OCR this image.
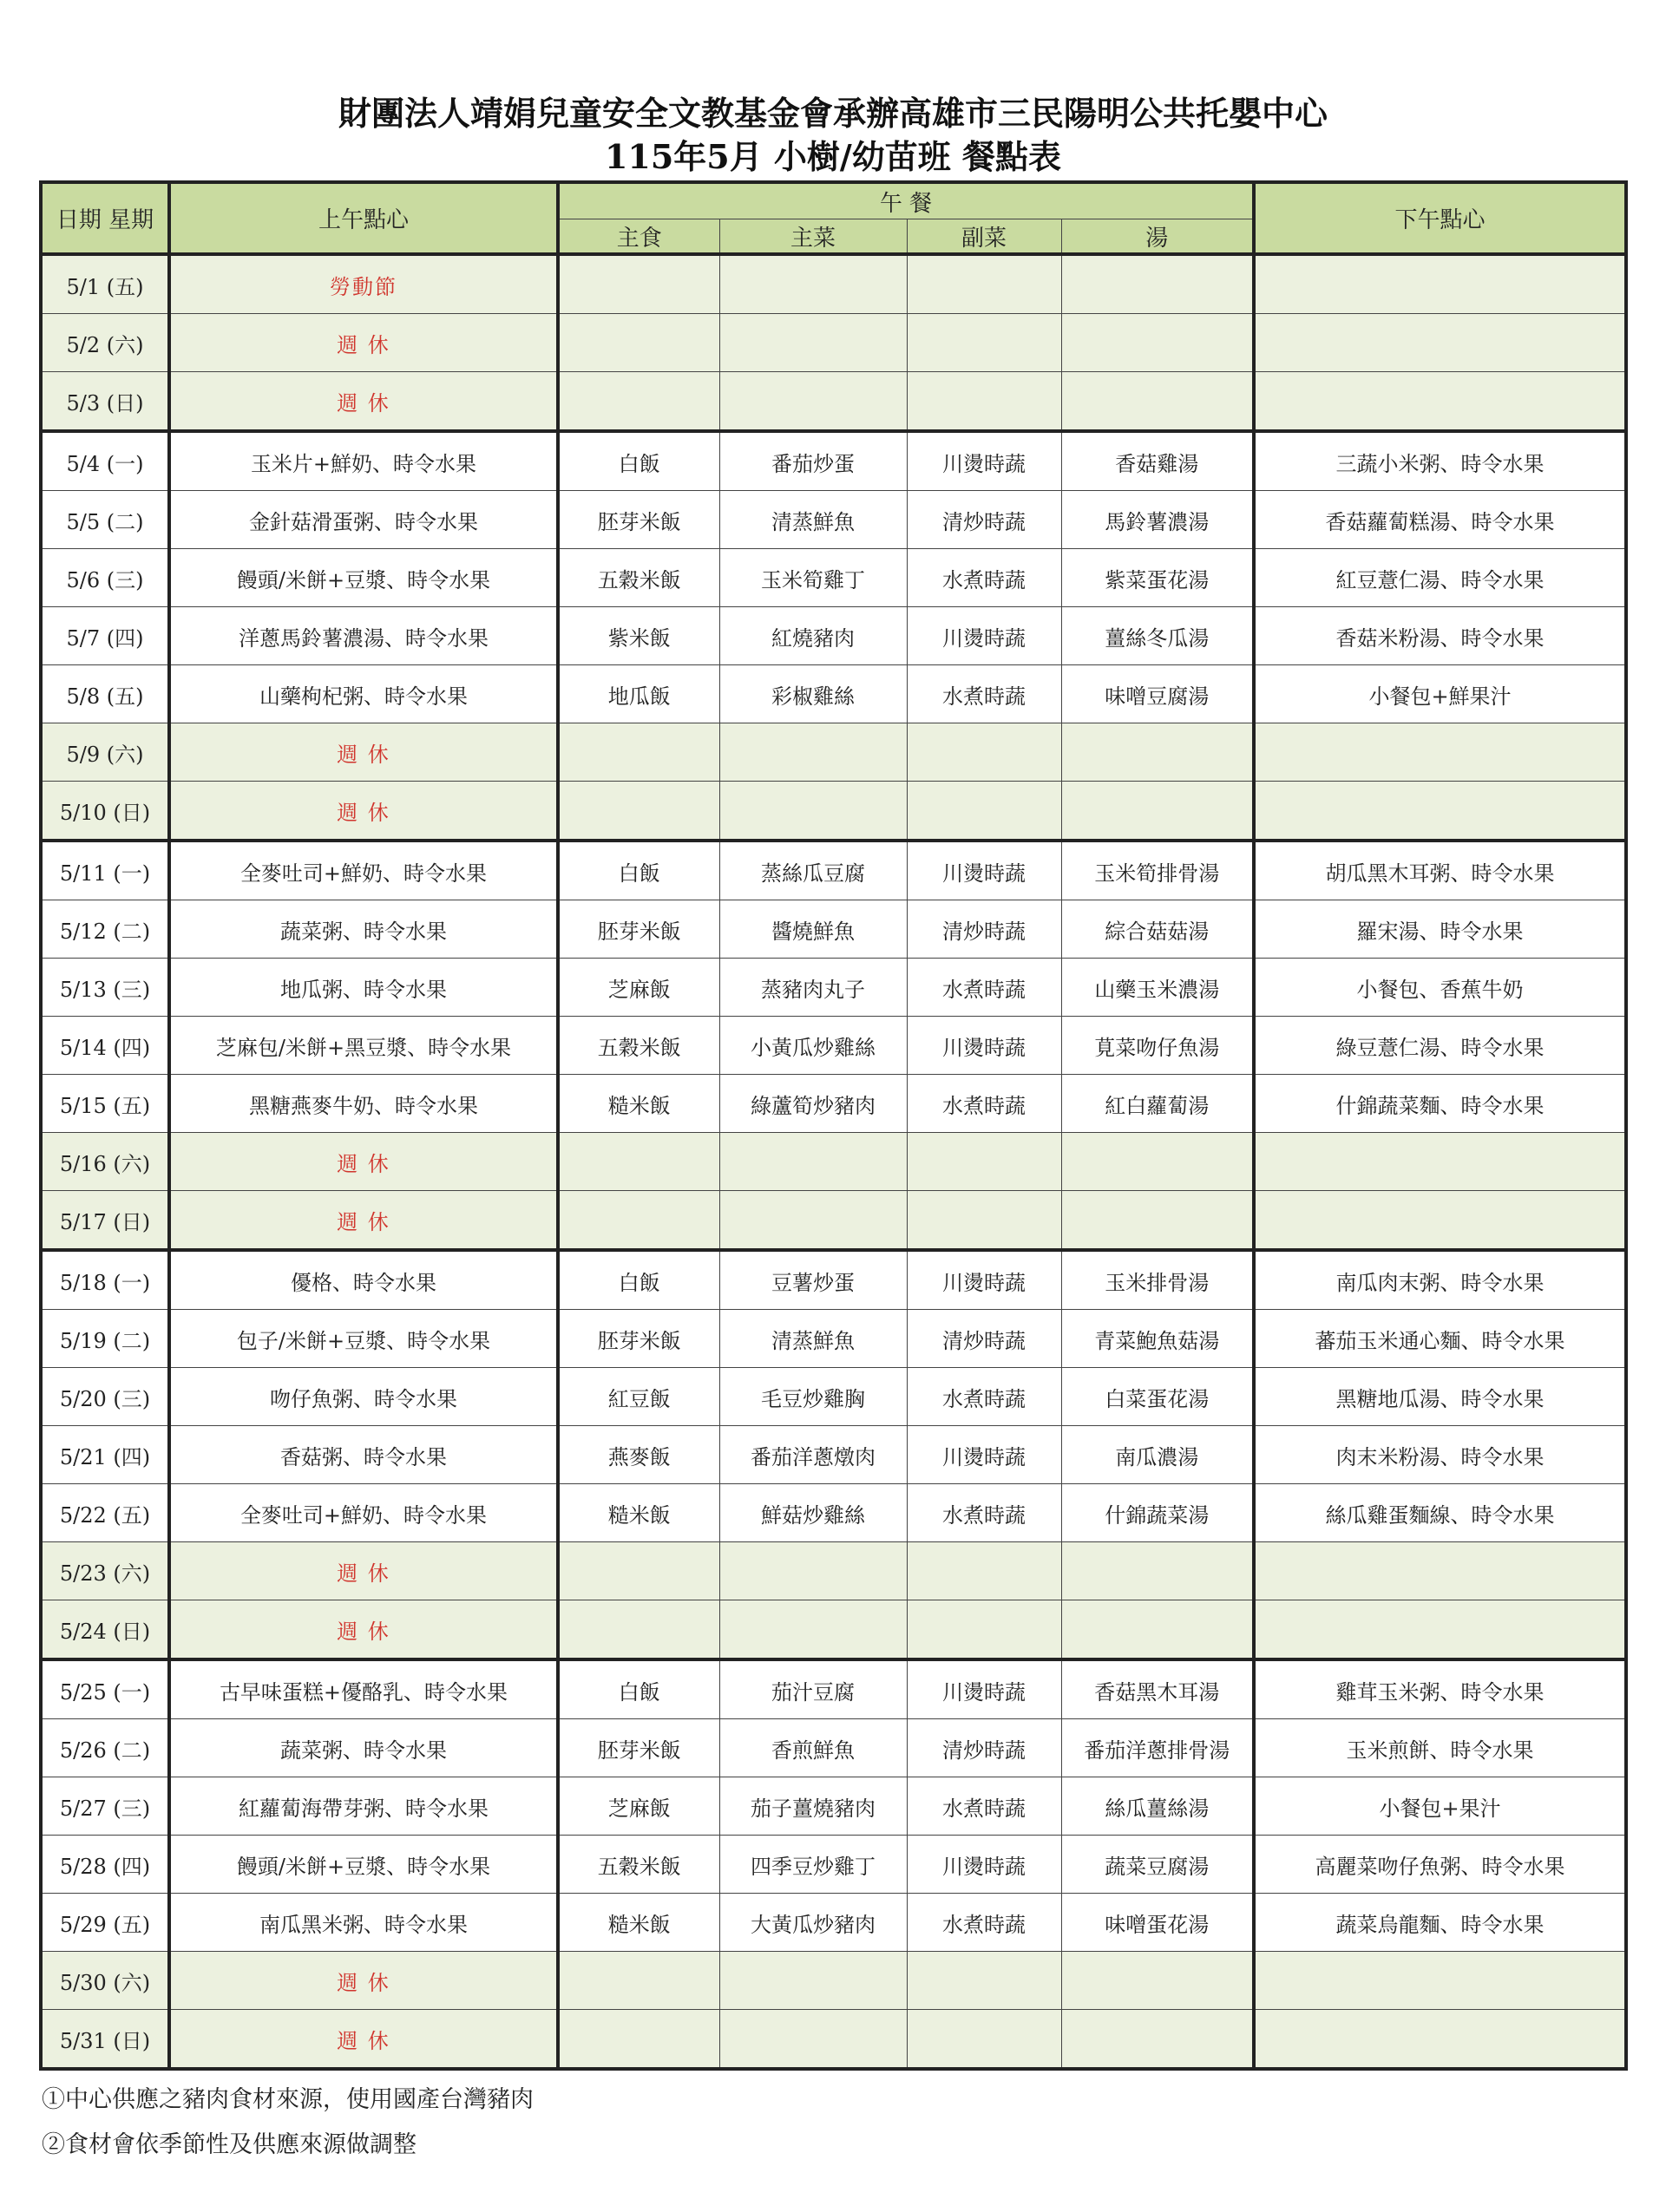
財團法人靖娟兒童安全文教基金會承辦高雄市三民陽明公共托嬰中心
115年5月 小樹/幼苗班 餐點表
日期 星期	上午點心	午 餐				下午點心
		主食	主菜	副菜	湯	
5/1 (五)	勞動節					
5/2 (六)	週 休					
5/3 (日)	週 休					
5/4 (一)	玉米片+鮮奶、時令水果	白飯	番茄炒蛋	川燙時蔬	香菇雞湯	三蔬小米粥、時令水果
5/5 (二)	金針菇滑蛋粥、時令水果	胚芽米飯	清蒸鮮魚	清炒時蔬	馬鈴薯濃湯	香菇蘿蔔糕湯、時令水果
5/6 (三)	饅頭/米餅+豆漿、時令水果	五穀米飯	玉米筍雞丁	水煮時蔬	紫菜蛋花湯	紅豆薏仁湯、時令水果
5/7 (四)	洋蔥馬鈴薯濃湯、時令水果	紫米飯	紅燒豬肉	川燙時蔬	薑絲冬瓜湯	香菇米粉湯、時令水果
5/8 (五)	山藥枸杞粥、時令水果	地瓜飯	彩椒雞絲	水煮時蔬	味噌豆腐湯	小餐包+鮮果汁
5/9 (六)	週 休					
5/10 (日)	週 休					
5/11 (一)	全麥吐司+鮮奶、時令水果	白飯	蒸絲瓜豆腐	川燙時蔬	玉米筍排骨湯	胡瓜黑木耳粥、時令水果
5/12 (二)	蔬菜粥、時令水果	胚芽米飯	醬燒鮮魚	清炒時蔬	綜合菇菇湯	羅宋湯、時令水果
5/13 (三)	地瓜粥、時令水果	芝麻飯	蒸豬肉丸子	水煮時蔬	山藥玉米濃湯	小餐包、香蕉牛奶
5/14 (四)	芝麻包/米餅+黑豆漿、時令水果	五穀米飯	小黃瓜炒雞絲	川燙時蔬	莧菜吻仔魚湯	綠豆薏仁湯、時令水果
5/15 (五)	黑糖燕麥牛奶、時令水果	糙米飯	綠蘆筍炒豬肉	水煮時蔬	紅白蘿蔔湯	什錦蔬菜麵、時令水果
5/16 (六)	週 休					
5/17 (日)	週 休					
5/18 (一)	優格、時令水果	白飯	豆薯炒蛋	川燙時蔬	玉米排骨湯	南瓜肉末粥、時令水果
5/19 (二)	包子/米餅+豆漿、時令水果	胚芽米飯	清蒸鮮魚	清炒時蔬	青菜鮑魚菇湯	蕃茄玉米通心麵、時令水果
5/20 (三)	吻仔魚粥、時令水果	紅豆飯	毛豆炒雞胸	水煮時蔬	白菜蛋花湯	黑糖地瓜湯、時令水果
5/21 (四)	香菇粥、時令水果	燕麥飯	番茄洋蔥燉肉	川燙時蔬	南瓜濃湯	肉末米粉湯、時令水果
5/22 (五)	全麥吐司+鮮奶、時令水果	糙米飯	鮮菇炒雞絲	水煮時蔬	什錦蔬菜湯	絲瓜雞蛋麵線、時令水果
5/23 (六)	週 休					
5/24 (日)	週 休					
5/25 (一)	古早味蛋糕+優酪乳、時令水果	白飯	茄汁豆腐	川燙時蔬	香菇黑木耳湯	雞茸玉米粥、時令水果
5/26 (二)	蔬菜粥、時令水果	胚芽米飯	香煎鮮魚	清炒時蔬	番茄洋蔥排骨湯	玉米煎餅、時令水果
5/27 (三)	紅蘿蔔海帶芽粥、時令水果	芝麻飯	茄子薑燒豬肉	水煮時蔬	絲瓜薑絲湯	小餐包+果汁
5/28 (四)	饅頭/米餅+豆漿、時令水果	五穀米飯	四季豆炒雞丁	川燙時蔬	蔬菜豆腐湯	高麗菜吻仔魚粥、時令水果
5/29 (五)	南瓜黑米粥、時令水果	糙米飯	大黃瓜炒豬肉	水煮時蔬	味噌蛋花湯	蔬菜烏龍麵、時令水果
5/30 (六)	週 休					
5/31 (日)	週 休					
①中心供應之豬肉食材來源，使用國產台灣豬肉
②食材會依季節性及供應來源做調整
